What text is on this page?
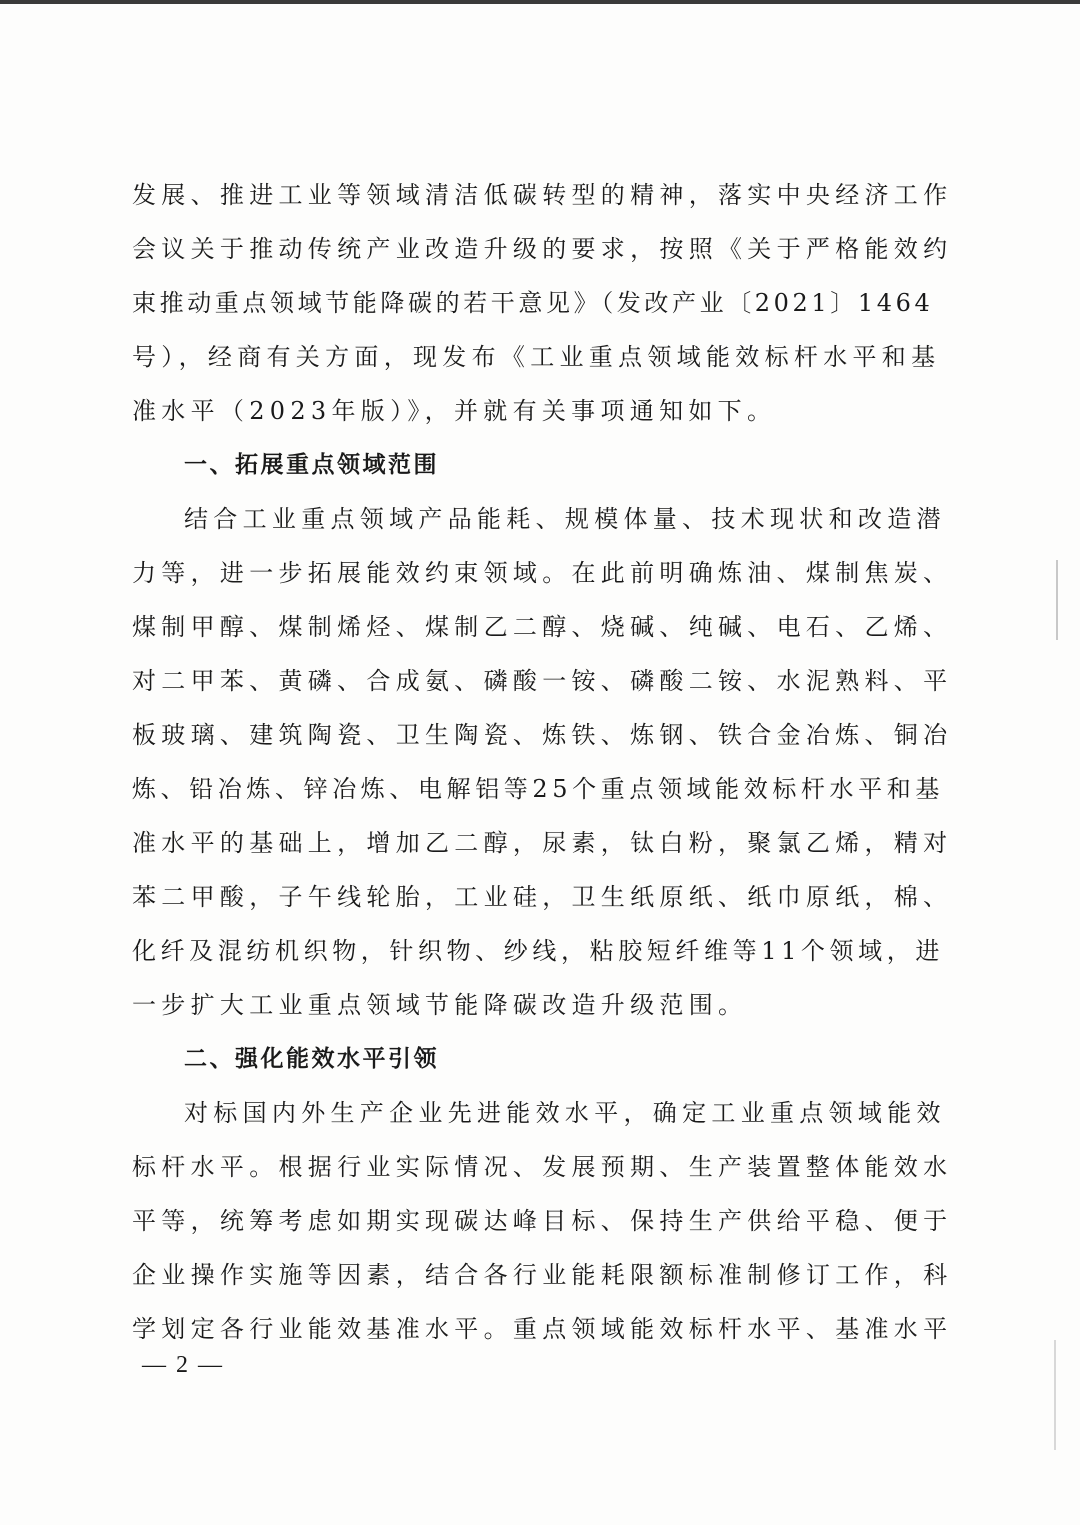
发展、推进工业等领域清洁低碳转型的精神，落实中央经济工作
会议关于推动传统产业改造升级的要求，按照《关于严格能效约
束推动重点领域节能降碳的若干意见》（发改产业〔2021〕1464
号），经商有关方面，现发布《工业重点领域能效标杆水平和基
准水平（2023年版）》，并就有关事项通知如下。
一、拓展重点领域范围
结合工业重点领域产品能耗、规模体量、技术现状和改造潜
力等，进一步拓展能效约束领域。在此前明确炼油、煤制焦炭、
煤制甲醇、煤制烯烃、煤制乙二醇、烧碱、纯碱、电石、乙烯、
对二甲苯、黄磷、合成氨、磷酸一铵、磷酸二铵、水泥熟料、平
板玻璃、建筑陶瓷、卫生陶瓷、炼铁、炼钢、铁合金冶炼、铜冶
炼、铅冶炼、锌冶炼、电解铝等25个重点领域能效标杆水平和基
准水平的基础上，增加乙二醇，尿素，钛白粉，聚氯乙烯，精对
苯二甲酸，子午线轮胎，工业硅，卫生纸原纸、纸巾原纸，棉、
化纤及混纺机织物，针织物、纱线，粘胶短纤维等11个领域，进
一步扩大工业重点领域节能降碳改造升级范围。
二、强化能效水平引领
对标国内外生产企业先进能效水平，确定工业重点领域能效
标杆水平。根据行业实际情况、发展预期、生产装置整体能效水
平等，统筹考虑如期实现碳达峰目标、保持生产供给平稳、便于
企业操作实施等因素，结合各行业能耗限额标准制修订工作，科
学划定各行业能效基准水平。重点领域能效标杆水平、基准水平
— 2 —
